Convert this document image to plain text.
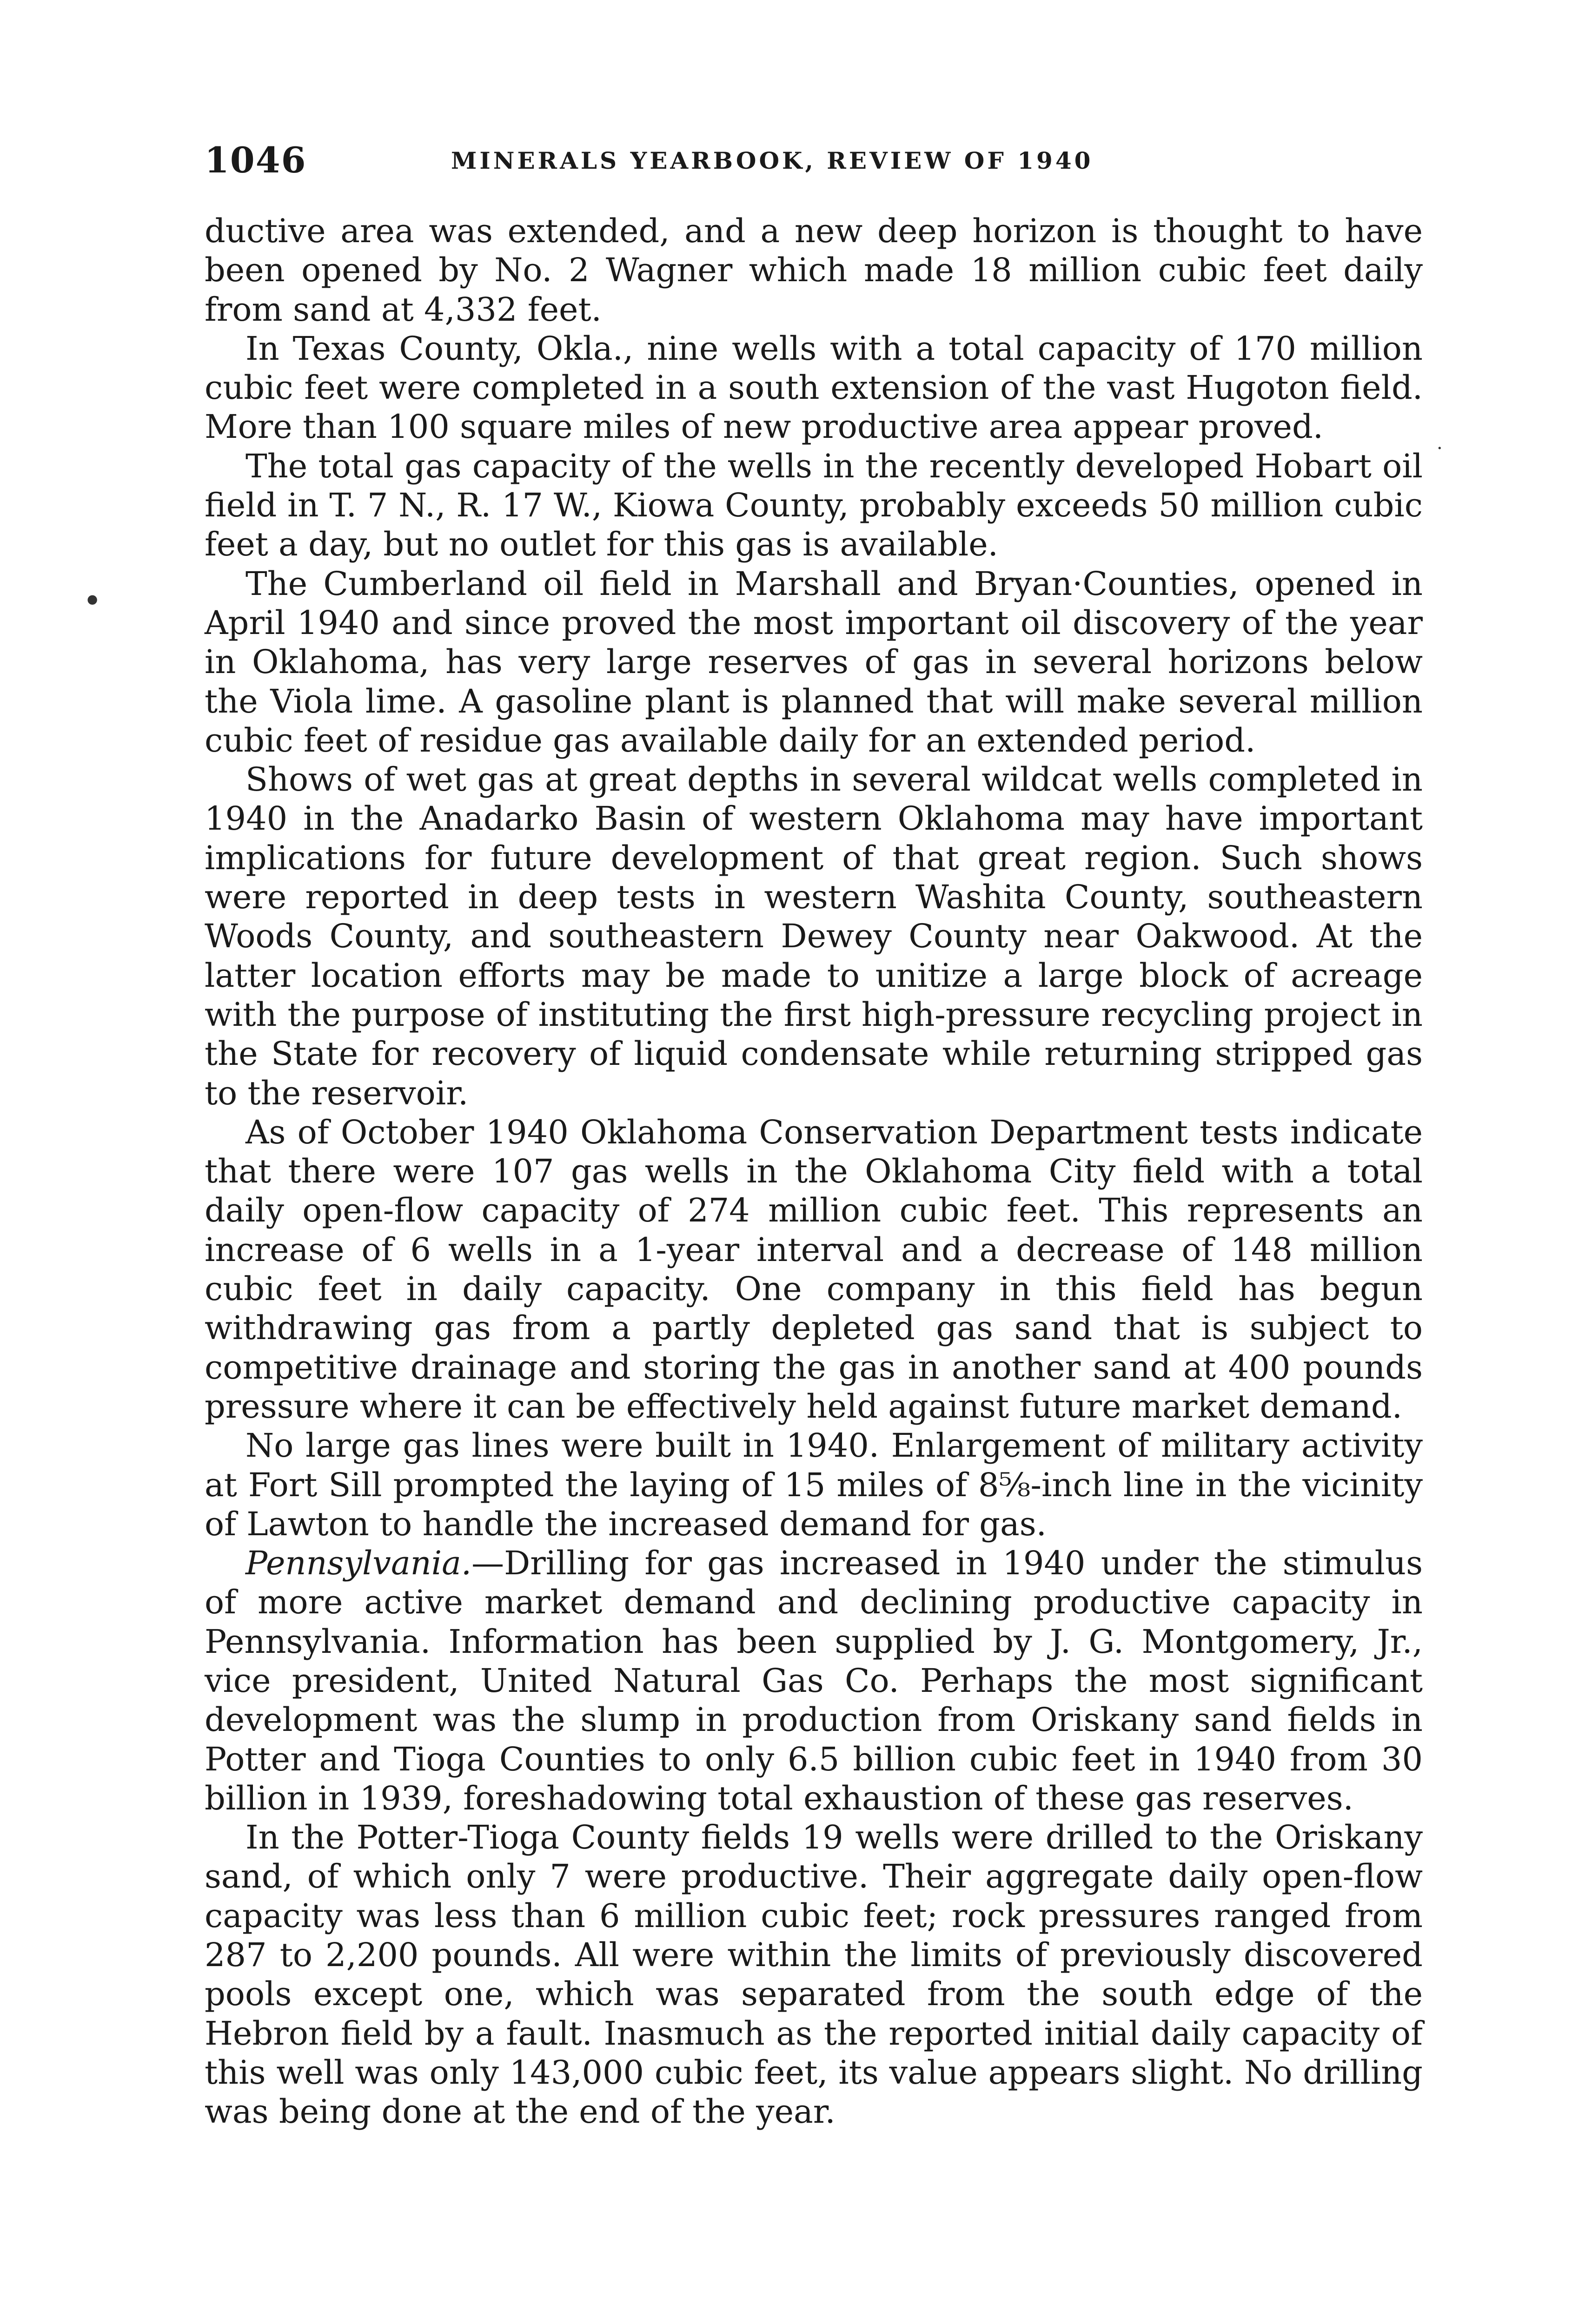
1046	MINERALS YEARBOOK, REVIEW OF 1940

ductive area was extended, and a new deep horizon is thought to have been opened by No. 2 Wagner which made 18 million cubic feet daily from sand at 4,332 feet.

In Texas County, Okla., nine wells with a total capacity of 170 million cubic feet were completed in a south extension of the vast Hugoton field. More than 100 square miles of new productive area appear proved.

The total gas capacity of the wells in the recently developed Hobart oil field in T. 7 N., R. 17 W., Kiowa County, probably exceeds 50 million cubic feet a day, but no outlet for this gas is available.

The Cumberland oil field in Marshall and Bryan·Counties, opened in April 1940 and since proved the most important oil discovery of the year in Oklahoma, has very large reserves of gas in several horizons below the Viola lime. A gasoline plant is planned that will make several million cubic feet of residue gas available daily for an extended period.

Shows of wet gas at great depths in several wildcat wells completed in 1940 in the Anadarko Basin of western Oklahoma may have important implications for future development of that great region. Such shows were reported in deep tests in western Washita County, southeastern Woods County, and southeastern Dewey County near Oakwood. At the latter location efforts may be made to unitize a large block of acreage with the purpose of instituting the first high-pressure recycling project in the State for recovery of liquid condensate while returning stripped gas to the reservoir.

As of October 1940 Oklahoma Conservation Department tests indicate that there were 107 gas wells in the Oklahoma City field with a total daily open-flow capacity of 274 million cubic feet. This represents an increase of 6 wells in a 1-year interval and a decrease of 148 million cubic feet in daily capacity. One company in this field has begun withdrawing gas from a partly depleted gas sand that is subject to competitive drainage and storing the gas in another sand at 400 pounds pressure where it can be effectively held against future market demand.

No large gas lines were built in 1940. Enlargement of military activity at Fort Sill prompted the laying of 15 miles of 8⅝-inch line in the vicinity of Lawton to handle the increased demand for gas.

Pennsylvania.—Drilling for gas increased in 1940 under the stimulus of more active market demand and declining productive capacity in Pennsylvania. Information has been supplied by J. G. Montgomery, Jr., vice president, United Natural Gas Co. Perhaps the most significant development was the slump in production from Oriskany sand fields in Potter and Tioga Counties to only 6.5 billion cubic feet in 1940 from 30 billion in 1939, foreshadowing total exhaustion of these gas reserves.

In the Potter-Tioga County fields 19 wells were drilled to the Oriskany sand, of which only 7 were productive. Their aggregate daily open-flow capacity was less than 6 million cubic feet; rock pressures ranged from 287 to 2,200 pounds. All were within the limits of previously discovered pools except one, which was separated from the south edge of the Hebron field by a fault. Inasmuch as the reported initial daily capacity of this well was only 143,000 cubic feet, its value appears slight. No drilling was being done at the end of the year.

•
·
